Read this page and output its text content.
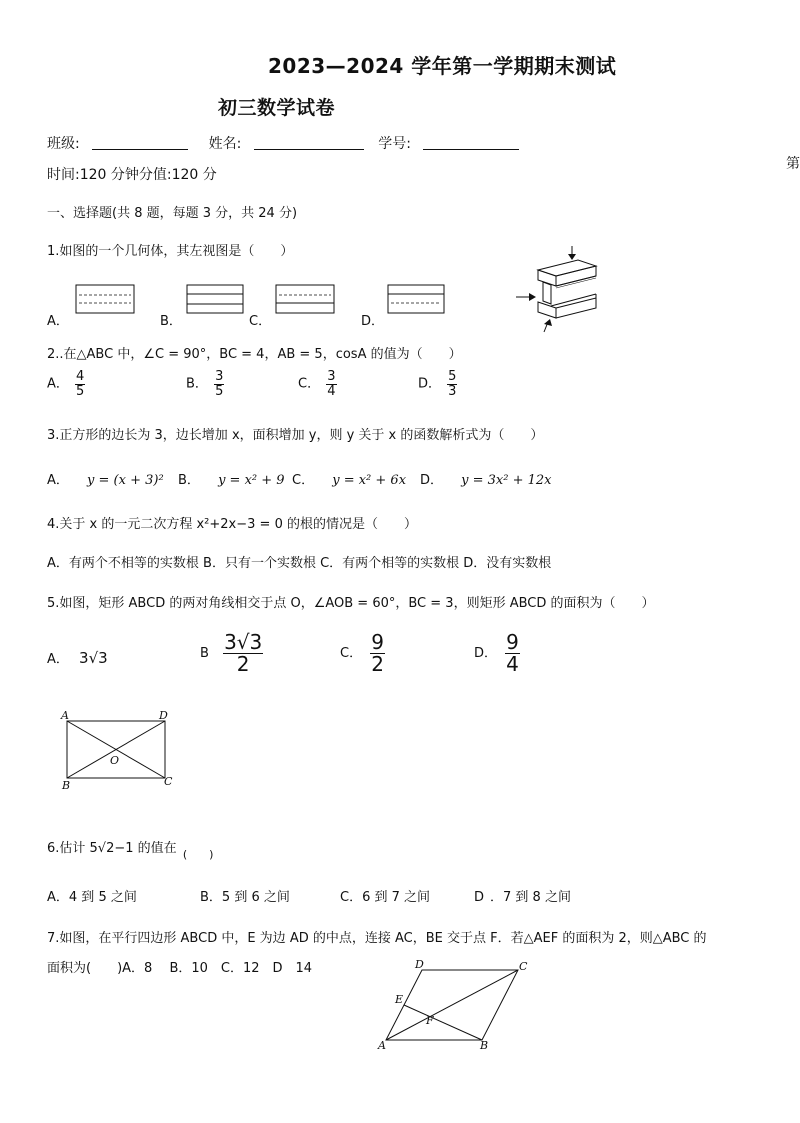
2023—2024 学年第一学期期末测试
初三数学试卷
班级:	姓名:	学号:
第
时间:120 分钟分值:120 分
一、选择题(共 8 题，每题 3 分，共 24 分)
1.如图的一个几何体，其左视图是（　　）
A．	B．	C．	D．
2..在△ABC 中，∠C = 90°，BC = 4，AB = 5，cosA 的值为（　　）
A． $\frac{4}{5}$	B． $\frac{3}{5}$	C． $\frac{3}{4}$	D． $\frac{5}{3}$
3.正方形的边长为 3，边长增加 x，面积增加 y，则 y 关于 x 的函数解析式为（　　）
A． y = (x + 3)² B． y = x² + 9 C． y = x² + 6x D． y = 3x² + 12x
4.关于 x 的一元二次方程 x²+2x−3 = 0 的根的情况是（　　）
A．有两个不相等的实数根 B．只有一个实数根 C．有两个相等的实数根 D．没有实数根
5.如图，矩形 ABCD 的两对角线相交于点 O，∠AOB = 60°，BC = 3，则矩形 ABCD 的面积为（　　）
A． 3√3	B $\frac{3√3}{2}$	C． $\frac{9}{2}$	D． $\frac{9}{4}$
A	D
O
B	C
6.估计 5√2−1 的值在 $_{( )}$
A．4 到 5 之间	B．5 到 6 之间	C．6 到 7 之间	D ．7 到 8 之间
7.如图，在平行四边形 ABCD 中，E 为边 AD 的中点，连接 AC，BE 交于点 F．若△AEF 的面积为 2，则△ABC 的
面积为(　　)A．8　 B．10　C．12　D　14	D	C
E
F
A	B
